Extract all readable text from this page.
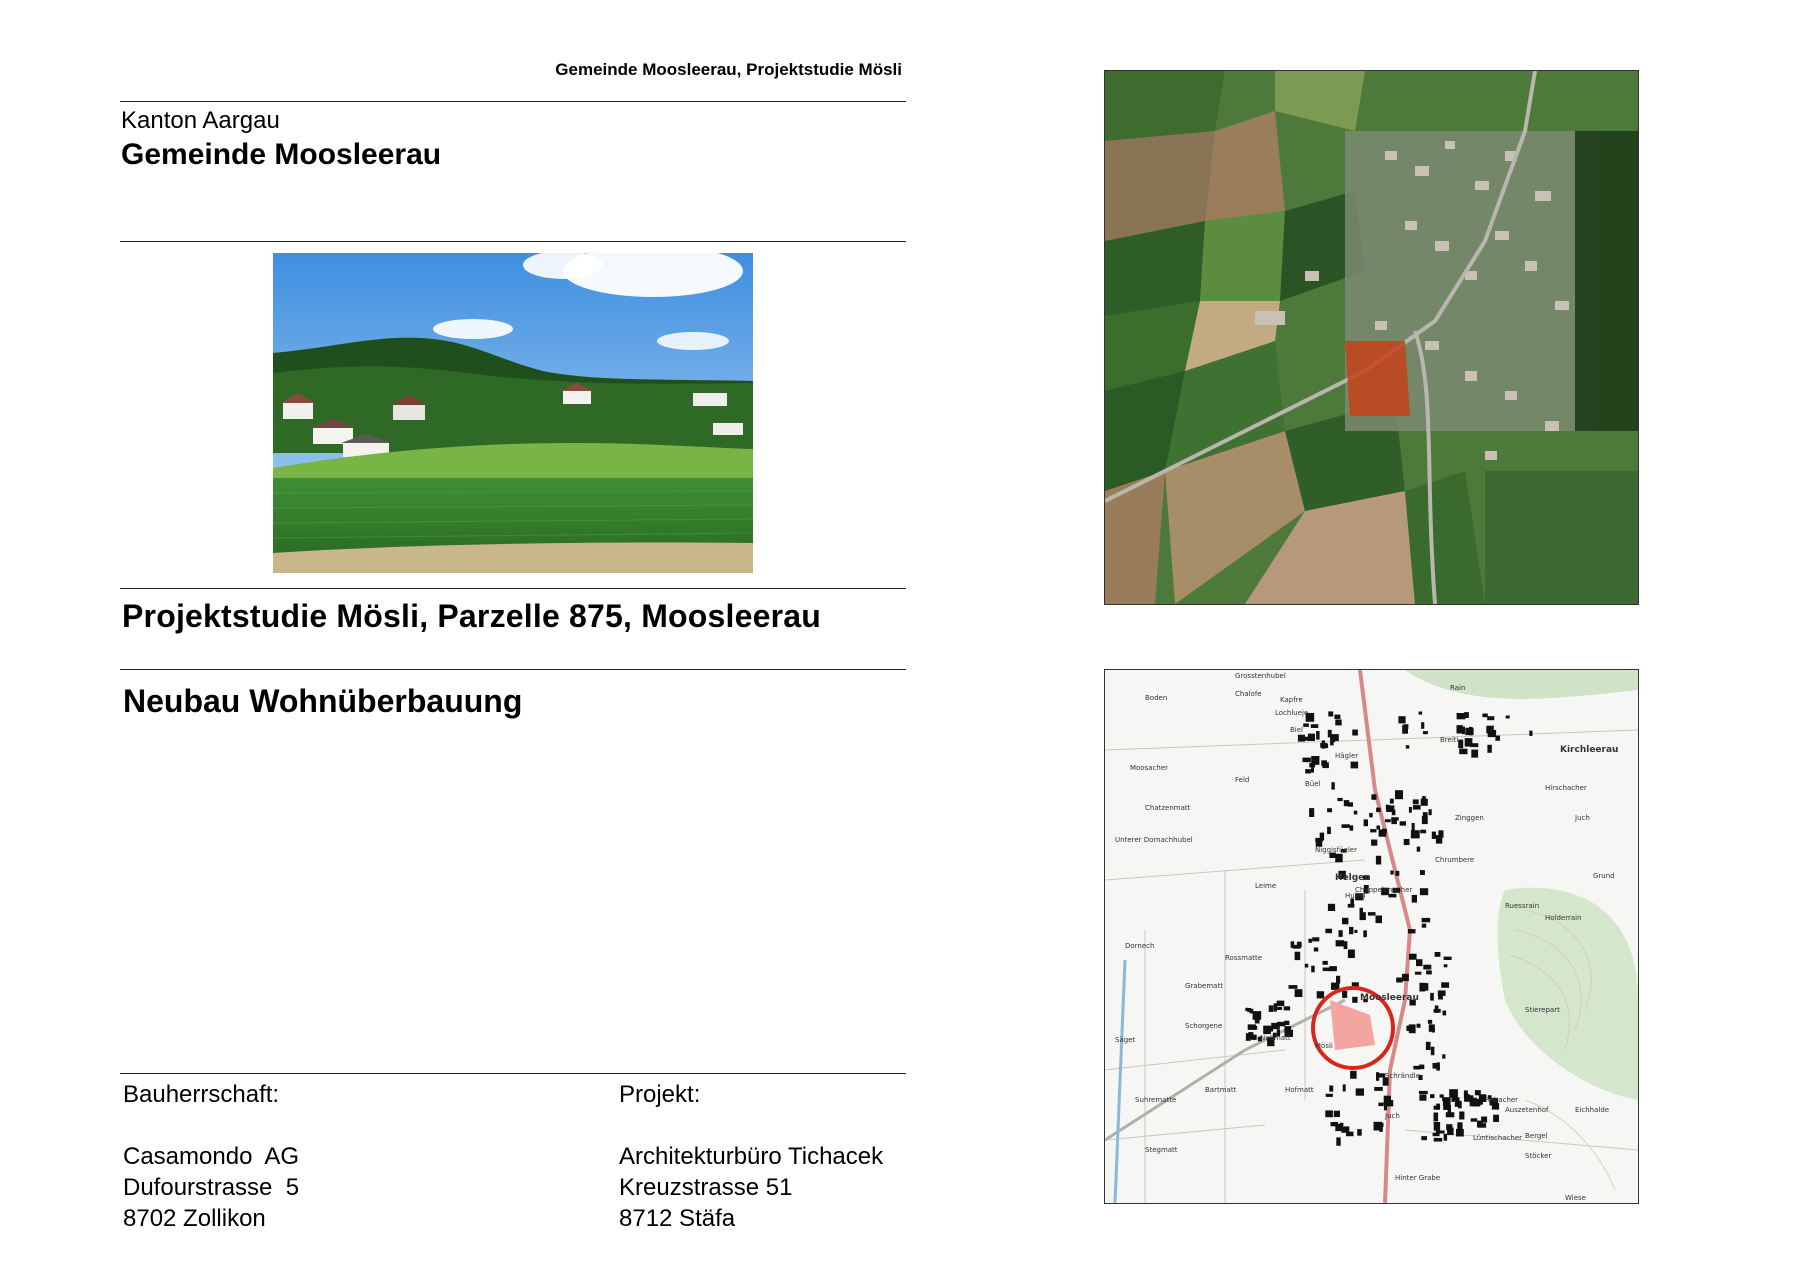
Gemeinde Moosleerau, Projektstudie Mösli
Kanton Aargau
Gemeinde Moosleerau
Projektstudie Mösli, Parzelle 875, Moosleerau
Neubau Wohnüberbauung
Bauherrschaft:
Casamondo  AG
Dufourstrasse  5
8702 Zollikon
Projekt:
Architekturbüro Tichacek
Kreuzstrasse 51
8712 Stäfa
Grosstenhubel
Boden	Chalofe
Kapfre
Lochlueje
Biel
Rain
Breiti
Kirchleerau
Hirschacher
Hägler
Moosacher
Feld	Büel
Chatzenmatt
Zinggen	Juch
Unterer Dornachhubel
Niggisfüeler
Chrumbere
Grund
Helgen
Chappelenacher
Leime
Hubel
Ruessrain
Holderrain
Dornech
Grabematt
Rossmatte
Moosleerau
Stierepart
Schorgene
Säget	Neumatt
Mösli
Schrändle
Bartmatt	Hofmatt
Suhrematte
Stegmatt
Eichhalde
Bergel
Lüntischacher
Stöcker
Hinter Grabe
Wiese
Rebacher
Auszetenhof
Juch
